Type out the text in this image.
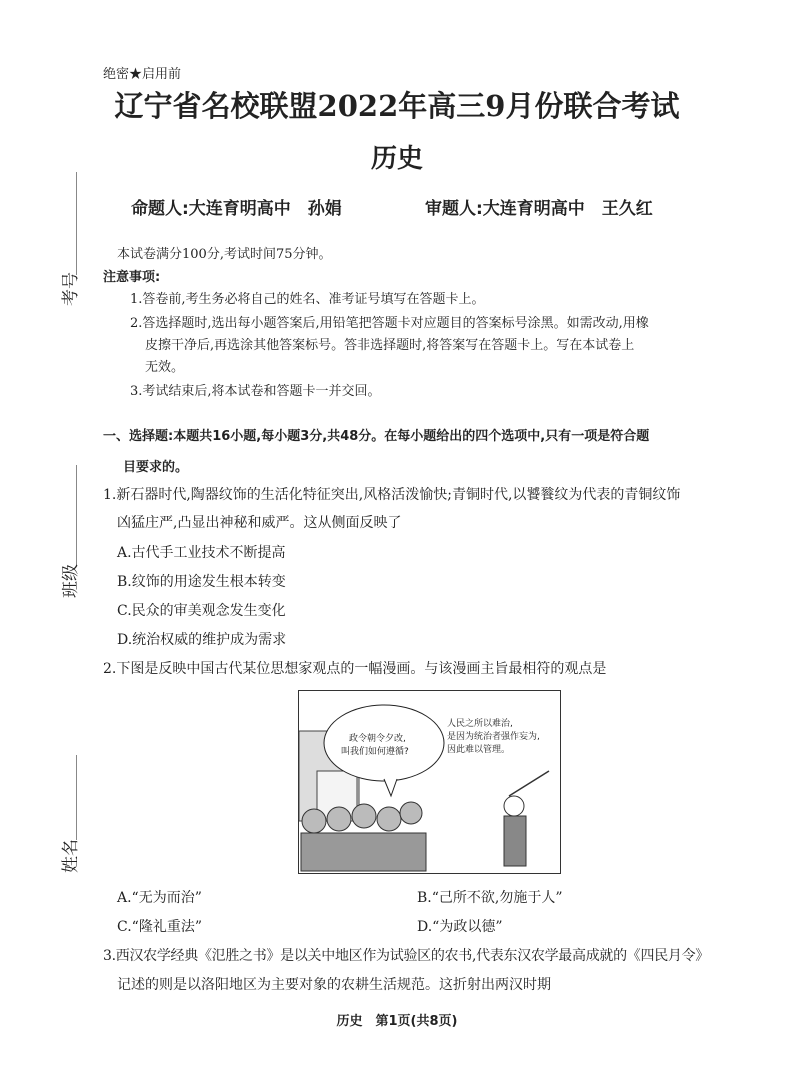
考号
班级
姓名
绝密★启用前
辽宁省名校联盟2022年高三9月份联合考试
历史
命题人:大连育明高中　孙娟	审题人:大连育明高中　王久红
本试卷满分100分,考试时间75分钟。
注意事项:
1.答卷前,考生务必将自己的姓名、准考证号填写在答题卡上。
2.答选择题时,选出每小题答案后,用铅笔把答题卡对应题目的答案标号涂黑。如需改动,用橡
皮擦干净后,再选涂其他答案标号。答非选择题时,将答案写在答题卡上。写在本试卷上
无效。
3.考试结束后,将本试卷和答题卡一并交回。
一、选择题:本题共16小题,每小题3分,共48分。在每小题给出的四个选项中,只有一项是符合题
目要求的。
1.新石器时代,陶器纹饰的生活化特征突出,风格活泼愉快;青铜时代,以饕餮纹为代表的青铜纹饰
凶猛庄严,凸显出神秘和威严。这从侧面反映了
A.古代手工业技术不断提高
B.纹饰的用途发生根本转变
C.民众的审美观念发生变化
D.统治权威的维护成为需求
2.下图是反映中国古代某位思想家观点的一幅漫画。与该漫画主旨最相符的观点是
政令朝令夕改,
叫我们如何遵循?
人民之所以难治,
是因为统治者强作妄为,
因此难以管理。
A.“无为而治”	B.“己所不欲,勿施于人”
C.“隆礼重法”	D.“为政以德”
3.西汉农学经典《氾胜之书》是以关中地区作为试验区的农书,代表东汉农学最高成就的《四民月令》
记述的则是以洛阳地区为主要对象的农耕生活规范。这折射出两汉时期
历史　第1页(共8页)
